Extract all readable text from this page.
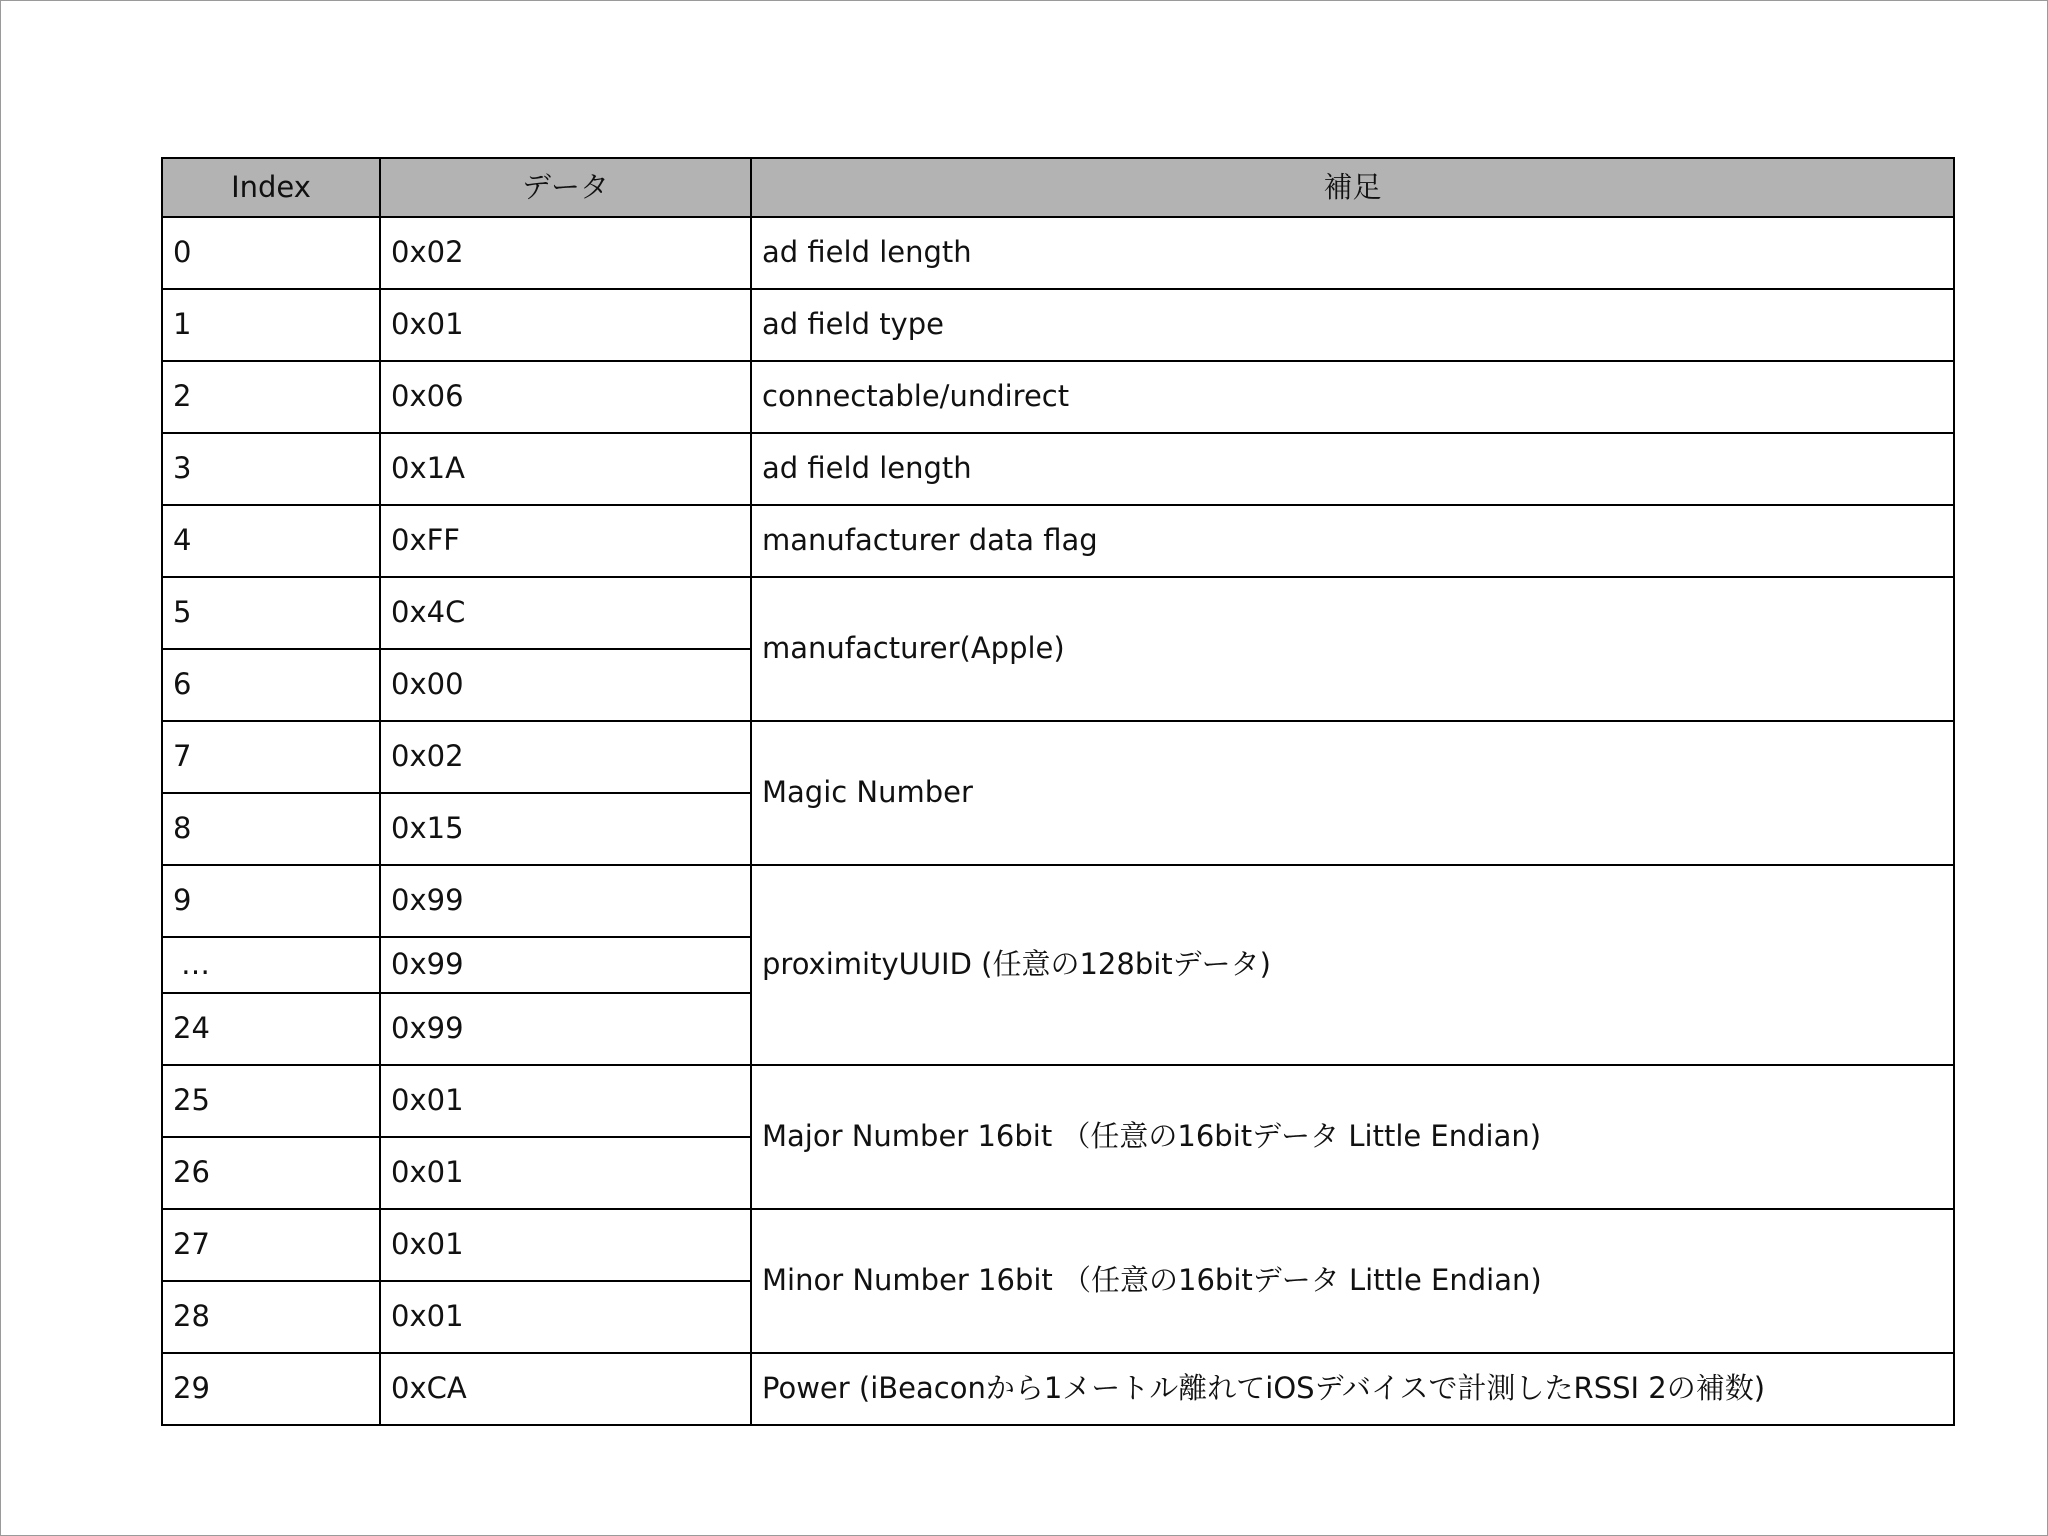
Index	データ	補足
0	0x02	ad field length
1	0x01	ad field type
2	0x06	connectable/undirect
3	0x1A	ad field length
4	0xFF	manufacturer data flag
5	0x4C	manufacturer(Apple)
6	0x00	
7	0x02	Magic Number
8	0x15	
9	0x99	proximityUUID (任意の128bitデータ)
…	0x99	
24	0x99	
25	0x01	Major Number 16bit （任意の16bitデータ Little Endian)
26	0x01	
27	0x01	Minor Number 16bit （任意の16bitデータ Little Endian)
28	0x01	
29	0xCA	Power (iBeaconから1メートル離れてiOSデバイスで計測したRSSI 2の補数)
